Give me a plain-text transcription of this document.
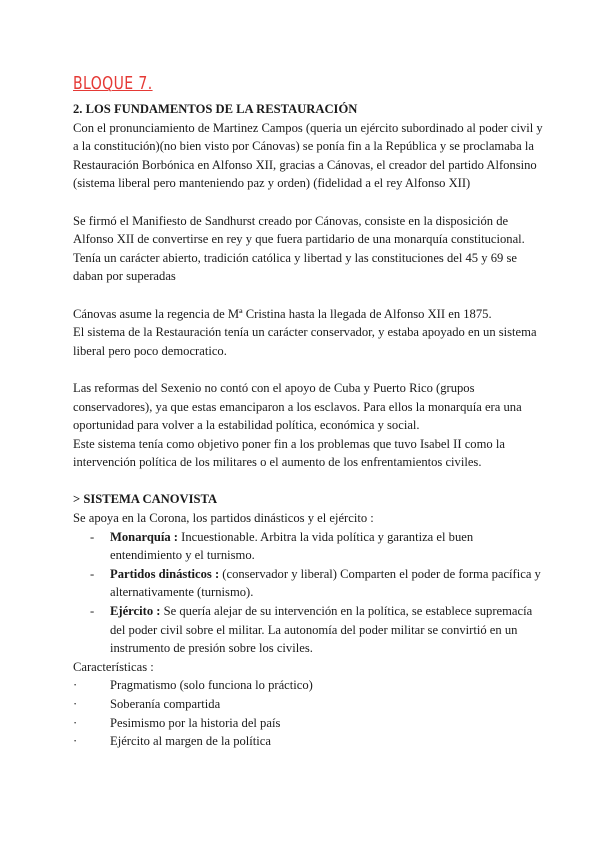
BLOQUE 7.

2. LOS FUNDAMENTOS DE LA RESTAURACIÓN

Con el pronunciamiento de Martinez Campos (queria un ejército subordinado al poder civil y a la constitución)(no bien visto por Cánovas) se ponía fin a la República y se proclamaba la Restauración Borbónica en Alfonso XII, gracias a Cánovas, el creador del partido Alfonsino (sistema liberal pero manteniendo paz y orden) (fidelidad a el rey Alfonso XII)

Se firmó el Manifiesto de Sandhurst creado por Cánovas, consiste en la disposición de Alfonso XII de convertirse en rey y que fuera partidario de una monarquía constitucional.

Tenía un carácter abierto, tradición católica y libertad y las constituciones del 45 y 69 se daban por superadas

Cánovas asume la regencia de Mª Cristina hasta la llegada de Alfonso XII en 1875.

El sistema de la Restauración tenía un carácter conservador, y estaba apoyado en un sistema liberal pero poco democratico.

Las reformas del Sexenio no contó con el apoyo de Cuba y Puerto Rico (grupos conservadores), ya que estas emanciparon a los esclavos. Para ellos la monarquía era una oportunidad para volver a la estabilidad política, económica y social.

Este sistema tenía como objetivo poner fin a los problemas que tuvo Isabel II como la intervención política de los militares o el aumento de los enfrentamientos civiles.

> SISTEMA CANOVISTA

Se apoya en la Corona, los partidos dinásticos y el ejército :

- Monarquía : Incuestionable. Arbitra la vida política y garantiza el buen entendimiento y el turnismo.
- Partidos dinásticos : (conservador y liberal) Comparten el poder de forma pacífica y alternativamente (turnismo).
- Ejército : Se quería alejar de su intervención en la política, se establece supremacía del poder civil sobre el militar. La autonomía del poder militar se convirtió en un instrumento de presión sobre los civiles.

Características :

· Pragmatismo (solo funciona lo práctico)
· Soberanía compartida
· Pesimismo por la historia del país
· Ejército al margen de la política
